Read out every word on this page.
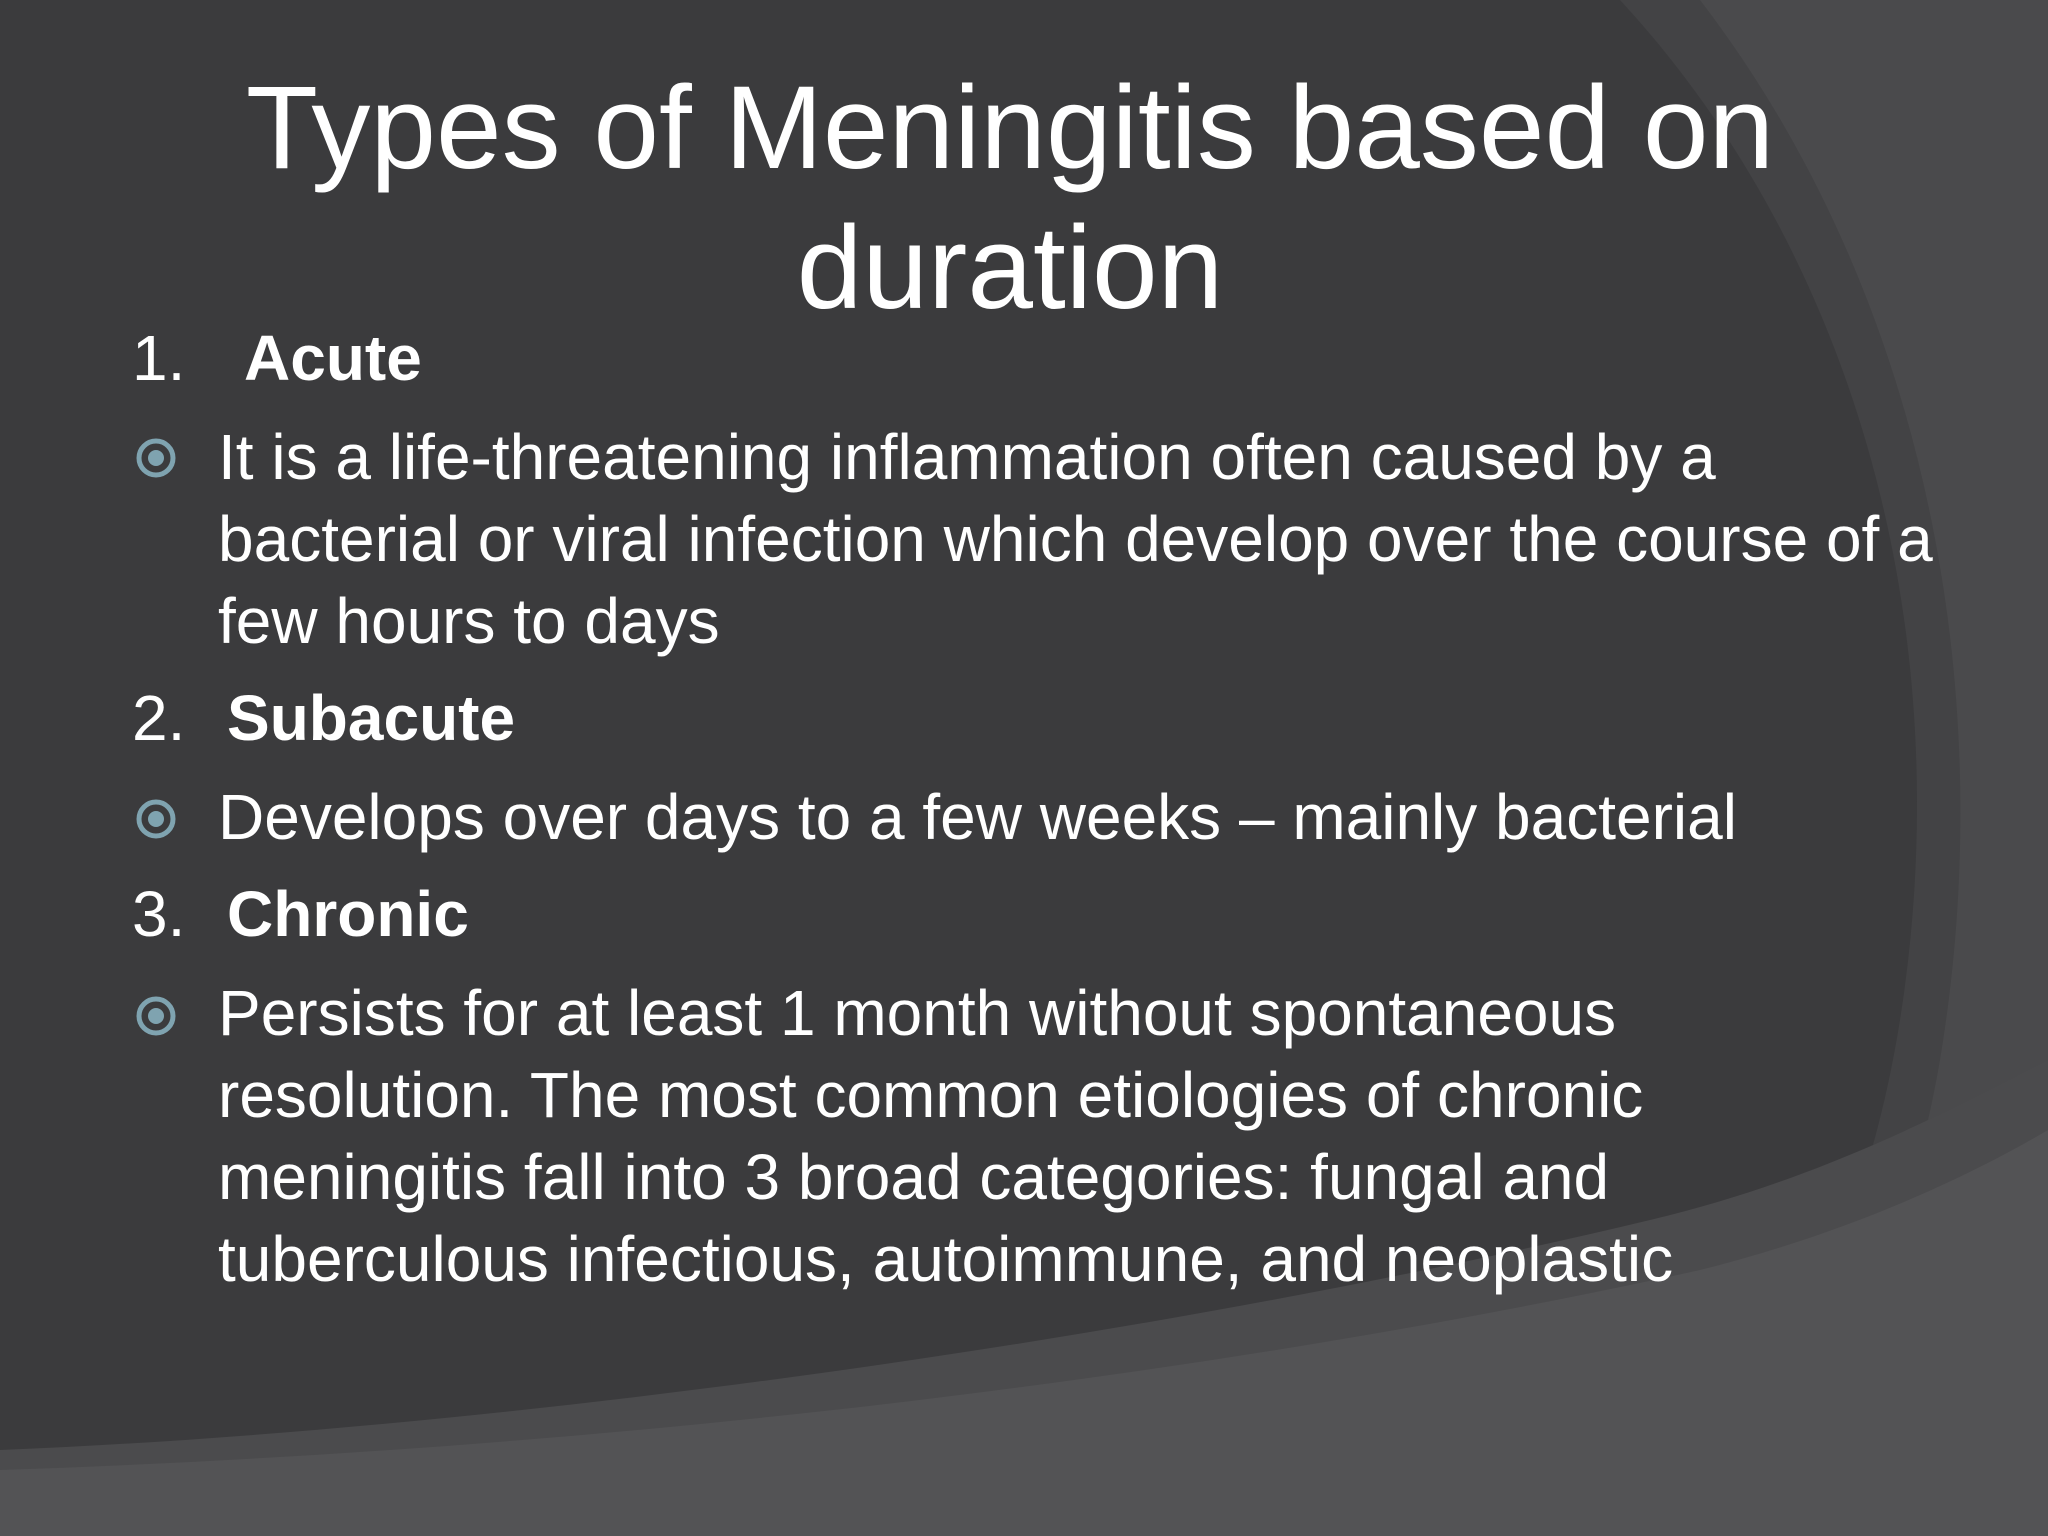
Types of Meningitis based on duration
1. Acute
It is a life-threatening inflammation often caused by a bacterial or viral infection which develop over the course of a few hours to days
2. Subacute
Develops over days to a few weeks – mainly bacterial
3. Chronic
Persists for at least 1 month without spontaneous resolution. The most common etiologies of chronic meningitis fall into 3 broad categories: fungal and tuberculous infectious, autoimmune, and neoplastic
